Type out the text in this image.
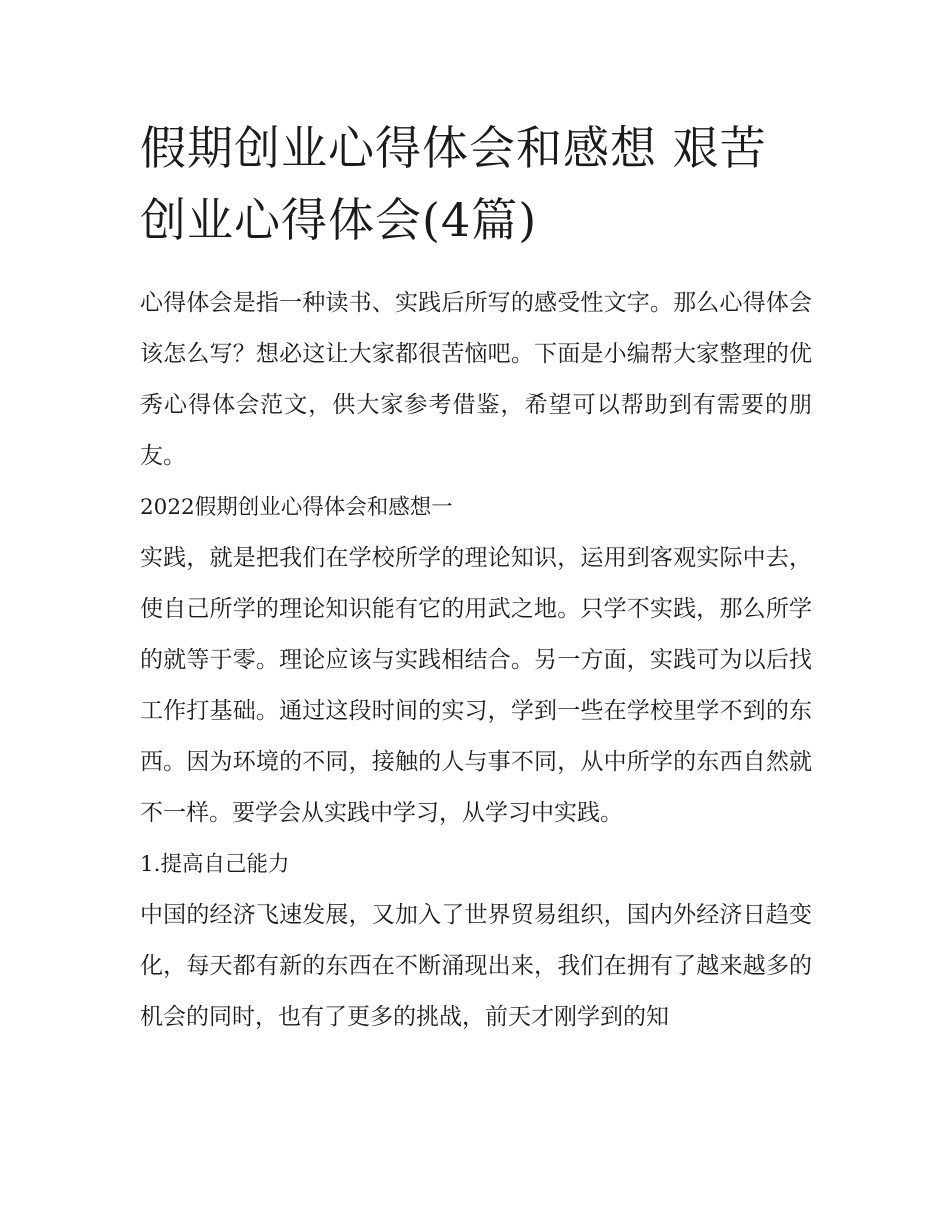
假期创业心得体会和感想 艰苦创业心得体会(4篇)

心得体会是指一种读书、实践后所写的感受性文字。那么心得体会该怎么写？想必这让大家都很苦恼吧。下面是小编帮大家整理的优秀心得体会范文，供大家参考借鉴，希望可以帮助到有需要的朋友。

2022假期创业心得体会和感想一

实践，就是把我们在学校所学的理论知识，运用到客观实际中去，使自己所学的理论知识能有它的用武之地。只学不实践，那么所学的就等于零。理论应该与实践相结合。另一方面，实践可为以后找工作打基础。通过这段时间的实习，学到一些在学校里学不到的东西。因为环境的不同，接触的人与事不同，从中所学的东西自然就不一样。要学会从实践中学习，从学习中实践。

1.提高自己能力

中国的经济飞速发展，又加入了世界贸易组织，国内外经济日趋变化，每天都有新的东西在不断涌现出来，我们在拥有了越来越多的机会的同时，也有了更多的挑战，前天才刚学到的知
